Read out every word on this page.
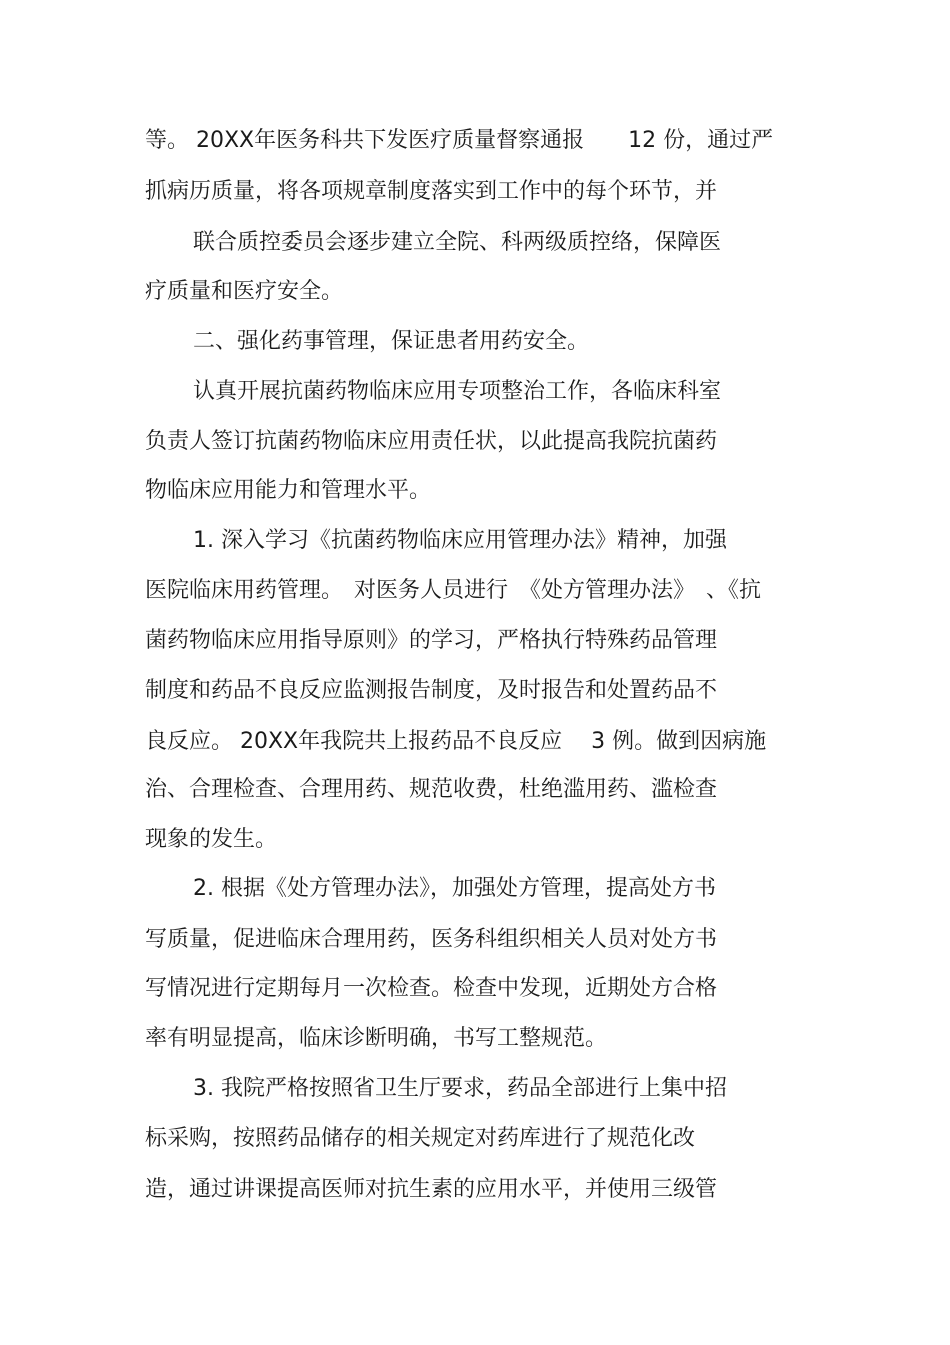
等。 20XX年医务科共下发医疗质量督察通报　　12 份，通过严
抓病历质量，将各项规章制度落实到工作中的每个环节，并
联合质控委员会逐步建立全院、科两级质控络，保障医
疗质量和医疗安全。
二、强化药事管理，保证患者用药安全。
认真开展抗菌药物临床应用专项整治工作，各临床科室
负责人签订抗菌药物临床应用责任状，以此提高我院抗菌药
物临床应用能力和管理水平。
1. 深入学习《抗菌药物临床应用管理办法》精神，加强
医院临床用药管理。　对医务人员进行　《处方管理办法》　、《抗
菌药物临床应用指导原则》的学习，严格执行特殊药品管理
制度和药品不良反应监测报告制度，及时报告和处置药品不
良反应。 20XX年我院共上报药品不良反应　 3 例。做到因病施
治、合理检查、合理用药、规范收费，杜绝滥用药、滥检查
现象的发生。
2. 根据《处方管理办法》，加强处方管理，提高处方书
写质量，促进临床合理用药，医务科组织相关人员对处方书
写情况进行定期每月一次检查。检查中发现，近期处方合格
率有明显提高，临床诊断明确，书写工整规范。
3. 我院严格按照省卫生厅要求，药品全部进行上集中招
标采购，按照药品储存的相关规定对药库进行了规范化改
造，通过讲课提高医师对抗生素的应用水平，并使用三级管
